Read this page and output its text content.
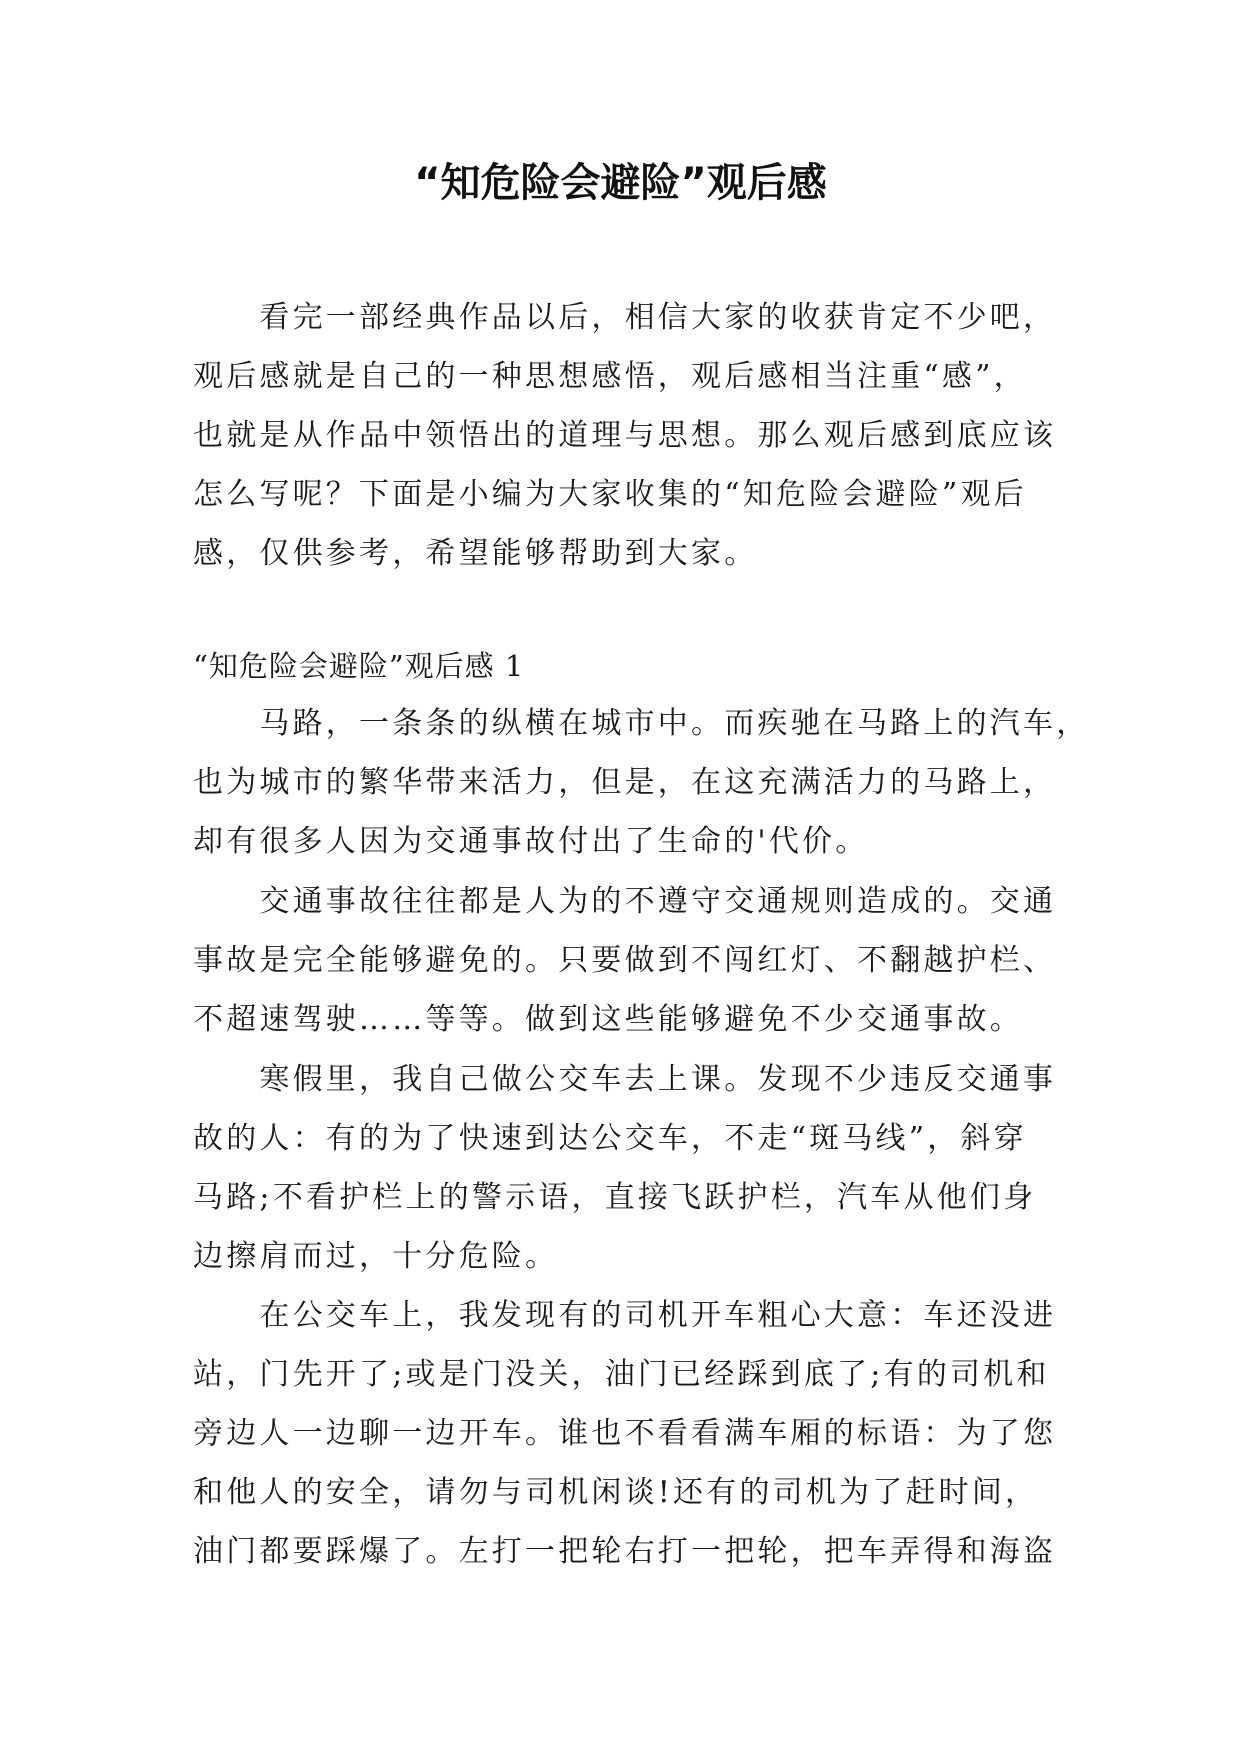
“知危险会避险”观后感
　　看完一部经典作品以后，相信大家的收获肯定不少吧，
观后感就是自己的一种思想感悟，观后感相当注重“感”，
也就是从作品中领悟出的道理与思想。那么观后感到底应该
怎么写呢？下面是小编为大家收集的“知危险会避险”观后
感，仅供参考，希望能够帮助到大家。
“知危险会避险”观后感 1
　　马路，一条条的纵横在城市中。而疾驰在马路上的汽车，
也为城市的繁华带来活力，但是，在这充满活力的马路上，
却有很多人因为交通事故付出了生命的'代价。
　　交通事故往往都是人为的不遵守交通规则造成的。交通
事故是完全能够避免的。只要做到不闯红灯、不翻越护栏、
不超速驾驶……等等。做到这些能够避免不少交通事故。
　　寒假里，我自己做公交车去上课。发现不少违反交通事
故的人：有的为了快速到达公交车，不走“斑马线”，斜穿
马路;不看护栏上的警示语，直接飞跃护栏，汽车从他们身
边擦肩而过，十分危险。
　　在公交车上，我发现有的司机开车粗心大意：车还没进
站，门先开了;或是门没关，油门已经踩到底了;有的司机和
旁边人一边聊一边开车。谁也不看看满车厢的标语：为了您
和他人的安全，请勿与司机闲谈!还有的司机为了赶时间，
油门都要踩爆了。左打一把轮右打一把轮，把车弄得和海盗
